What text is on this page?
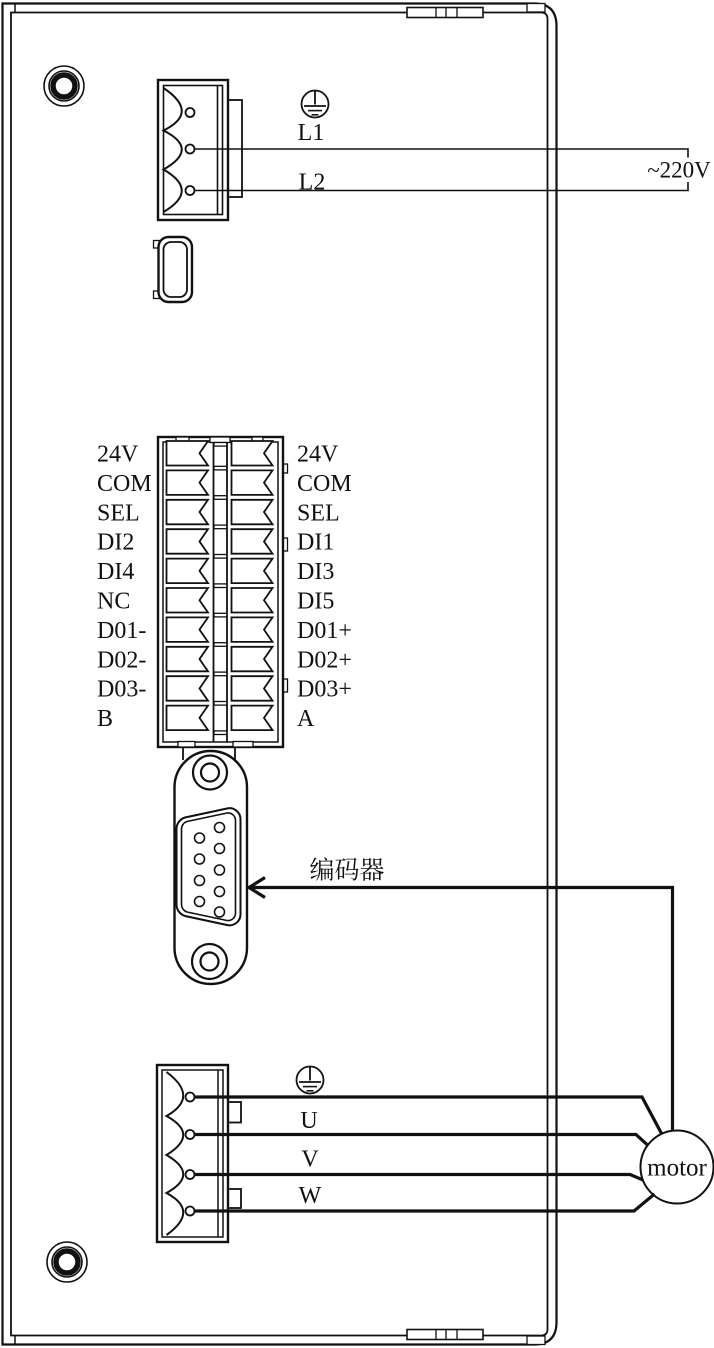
L1
L2	~220V
24V	24V
COM	COM
SEL	SEL
DI2	DI1
DI4	DI3
NC	DI5
D01-	D01+
D02-	D02+
D03-	D03+
B	A
编码器
U
V
W
motor
